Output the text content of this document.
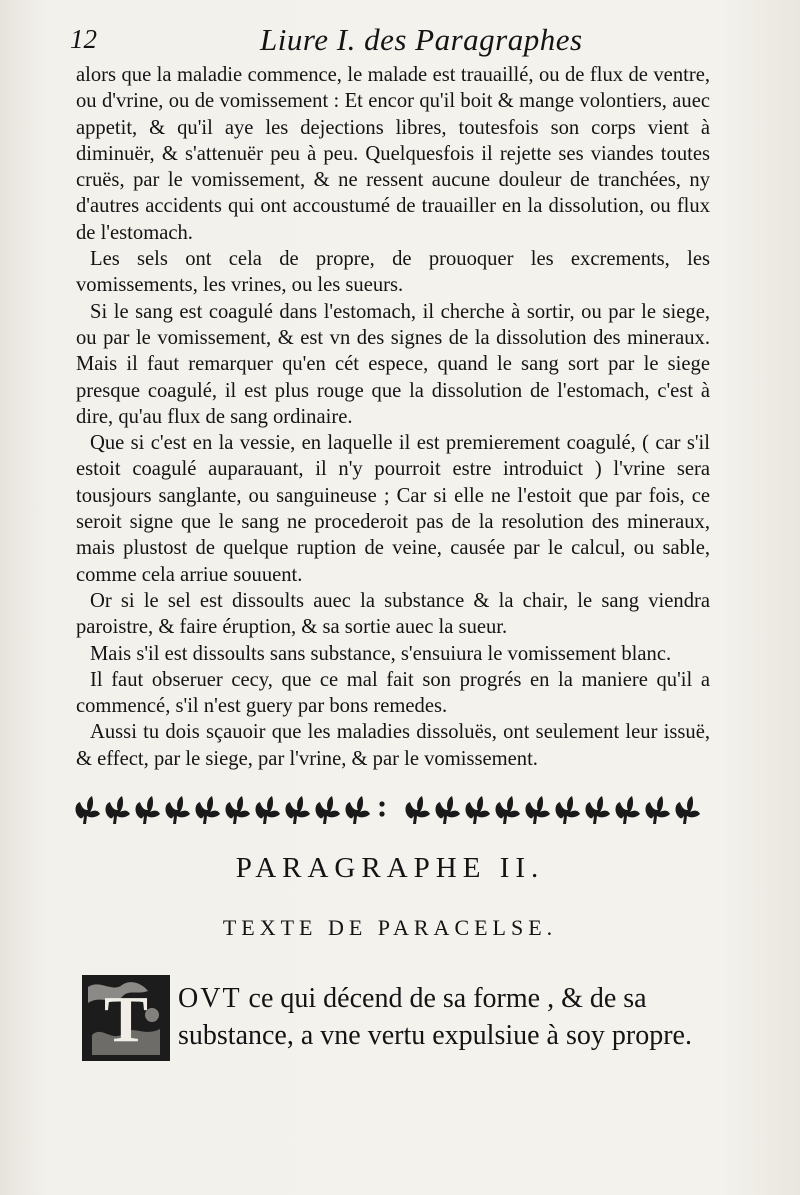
12	Liure I. des Paragraphes

alors que la maladie commence, le malade est trauaillé, ou de flux de ventre, ou d'vrine, ou de vomissement : Et encor qu'il boit & mange volontiers, auec appetit, & qu'il aye les dejections libres, toutesfois son corps vient à diminuër, & s'attenuër peu à peu. Quelquesfois il rejette ses viandes toutes cruës, par le vomissement, & ne ressent aucune douleur de tranchées, ny d'autres accidents qui ont accoustumé de trauailler en la dissolution, ou flux de l'estomach.

Les sels ont cela de propre, de prouoquer les excrements, les vomissements, les vrines, ou les sueurs.

Si le sang est coagulé dans l'estomach, il cherche à sortir, ou par le siege, ou par le vomissement, & est vn des signes de la dissolution des mineraux. Mais il faut remarquer qu'en cét espece, quand le sang sort par le siege presque coagulé, il est plus rouge que la dissolution de l'estomach, c'est à dire, qu'au flux de sang ordinaire.

Que si c'est en la vessie, en laquelle il est premierement coagulé, ( car s'il estoit coagulé auparauant, il n'y pourroit estre introduict ) l'vrine sera tousjours sanglante, ou sanguineuse ; Car si elle ne l'estoit que par fois, ce seroit signe que le sang ne procederoit pas de la resolution des mineraux, mais plustost de quelque ruption de veine, causée par le calcul, ou sable, comme cela arriue souuent.

Or si le sel est dissoults auec la substance & la chair, le sang viendra paroistre, & faire éruption, & sa sortie auec la sueur.

Mais s'il est dissoults sans substance, s'ensuiura le vomissement blanc.

Il faut obseruer cecy, que ce mal fait son progrés en la maniere qu'il a commencé, s'il n'est guery par bons remedes.

Aussi tu dois sçauoir que les maladies dissoluës, ont seulement leur issuë, & effect, par le siege, par l'vrine, & par le vomissement.

PARAGRAPHE II.
TEXTE DE PARACELSE.
T OVT ce qui décend de sa forme , & de sa substance, a vne vertu expulsiue à soy propre.
